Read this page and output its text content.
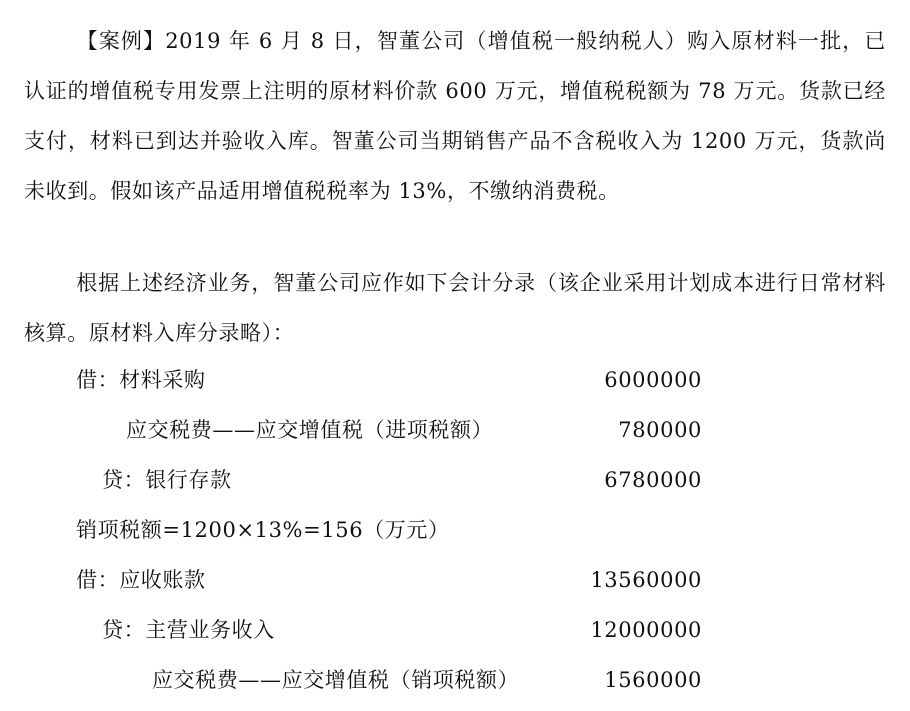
【案例】2019 年 6 月 8 日，智董公司（增值税一般纳税人）购入原材料一批，已认证的增值税专用发票上注明的原材料价款 600 万元，增值税税额为 78 万元。货款已经支付，材料已到达并验收入库。智董公司当期销售产品不含税收入为 1200 万元，货款尚未收到。假如该产品适用增值税税率为 13%，不缴纳消费税。

根据上述经济业务，智董公司应作如下会计分录（该企业采用计划成本进行日常材料核算。原材料入库分录略）：

借：材料采购	6000000
应交税费——应交增值税（进项税额）	780000
贷：银行存款	6780000
销项税额=1200×13%=156（万元）
借：应收账款	13560000
贷：主营业务收入	12000000
应交税费——应交增值税（销项税额）	1560000
